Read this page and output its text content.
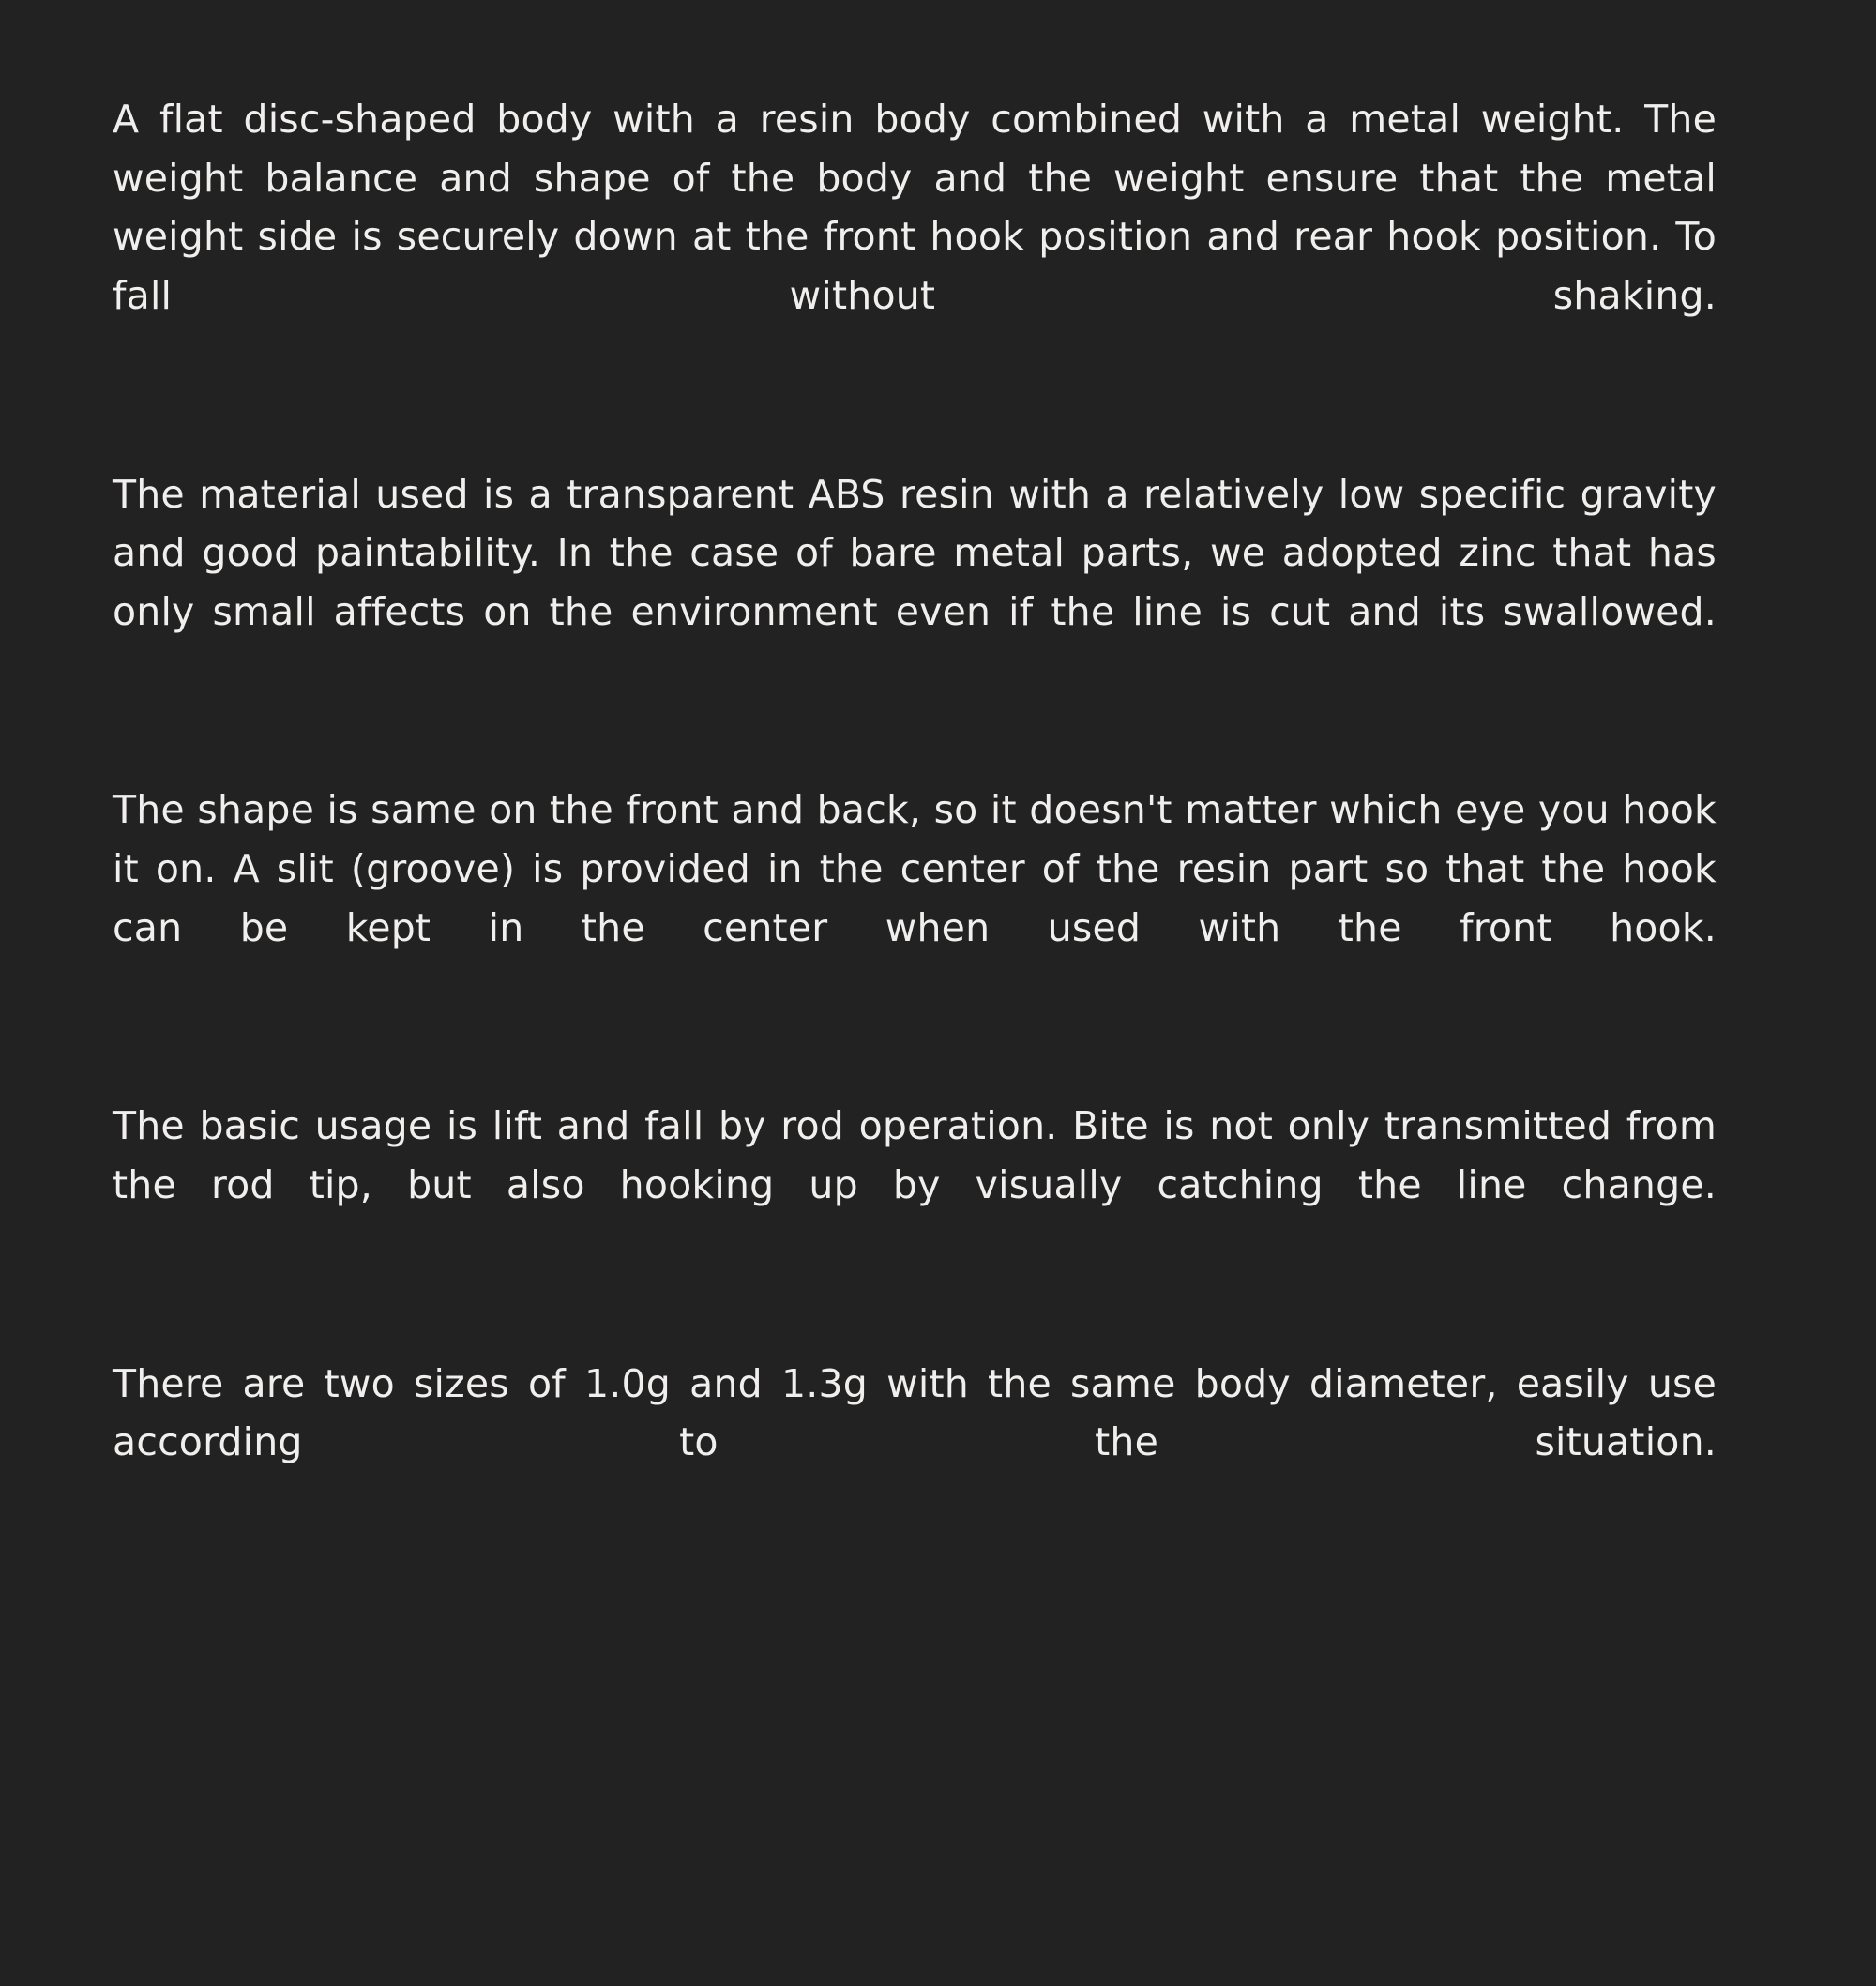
A flat disc-shaped body with a resin body combined with a metal weight. The weight balance and shape of the body and the weight ensure that the metal weight side is securely down at the front hook position and rear hook position. To fall without shaking.

The material used is a transparent ABS resin with a relatively low specific gravity and good paintability. In the case of bare metal parts, we adopted zinc that has only small affects on the environment even if the line is cut and its swallowed.

The shape is same on the front and back, so it doesn't matter which eye you hook it on. A slit (groove) is provided in the center of the resin part so that the hook can be kept in the center when used with the front hook.

The basic usage is lift and fall by rod operation. Bite is not only transmitted from the rod tip, but also hooking up by visually catching the line change.

There are two sizes of 1.0g and 1.3g with the same body diameter, easily use according to the situation.
